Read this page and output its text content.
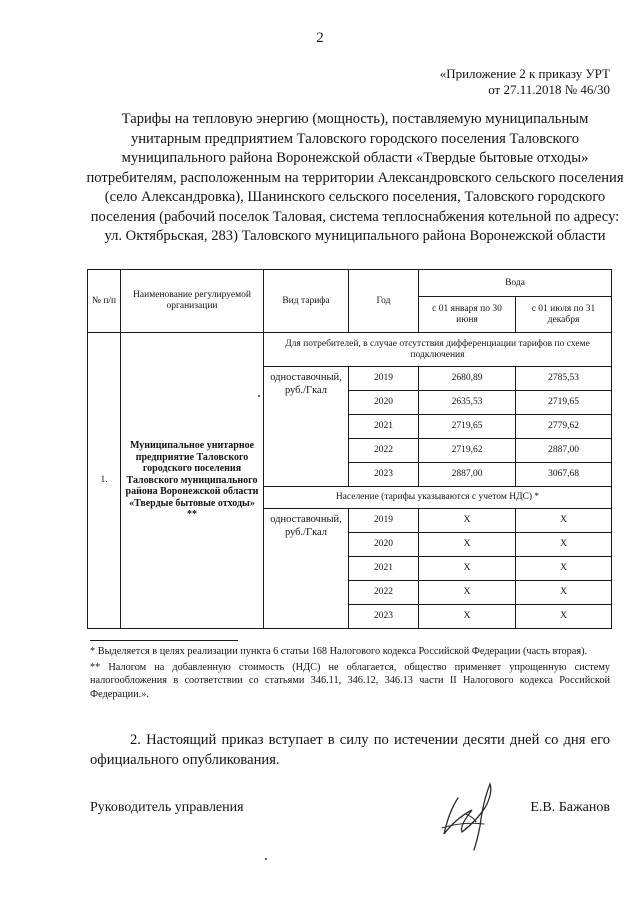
2
«Приложение 2 к приказу УРТ
от 27.11.2018 № 46/30
Тарифы на тепловую энергию (мощность), поставляемую муниципальным унитарным предприятием Таловского городского поселения Таловского муниципального района Воронежской области «Твердые бытовые отходы» потребителям, расположенным на территории Александровского сельского поселения (село Александровка), Шанинского сельского поселения, Таловского городского поселения (рабочий поселок Таловая, система теплоснабжения котельной по адресу: ул. Октябрьская, 283) Таловского муниципального района Воронежской области
№ п/п	Наименование регулируемой организации	Вид тарифа	Год	Вода	
				с 01 января по 30 июня	с 01 июля по 31 декабря
1.	Муниципальное унитарное предприятие Таловского городского поселения Таловского муниципального района Воронежской области «Твердые бытовые отходы» **	Для потребителей, в случае отсутствия дифференциации тарифов по схеме подключения			
		одноставочный, руб./Гкал	2019	2680,89	2785,53
			2020	2635,53	2719,65
			2021	2719,65	2779,62
			2022	2719,62	2887,00
			2023	2887,00	3067,68
		Население (тарифы указываются с учетом НДС) *			
		одноставочный, руб./Гкал	2019	Х	Х
			2020	Х	Х
			2021	Х	Х
			2022	Х	Х
			2023	Х	Х

* Выделяется в целях реализации пункта 6 статьи 168 Налогового кодекса Российской Федерации (часть вторая).

** Налогом на добавленную стоимость (НДС) не облагается, общество применяет упрощенную систему налогообложения в соответствии со статьями 346.11, 346.12, 346.13 части II Налогового кодекса Российской Федерации.».

2. Настоящий приказ вступает в силу по истечении десяти дней со дня его официального опубликования.
Руководитель управления	Е.В. Бажанов
